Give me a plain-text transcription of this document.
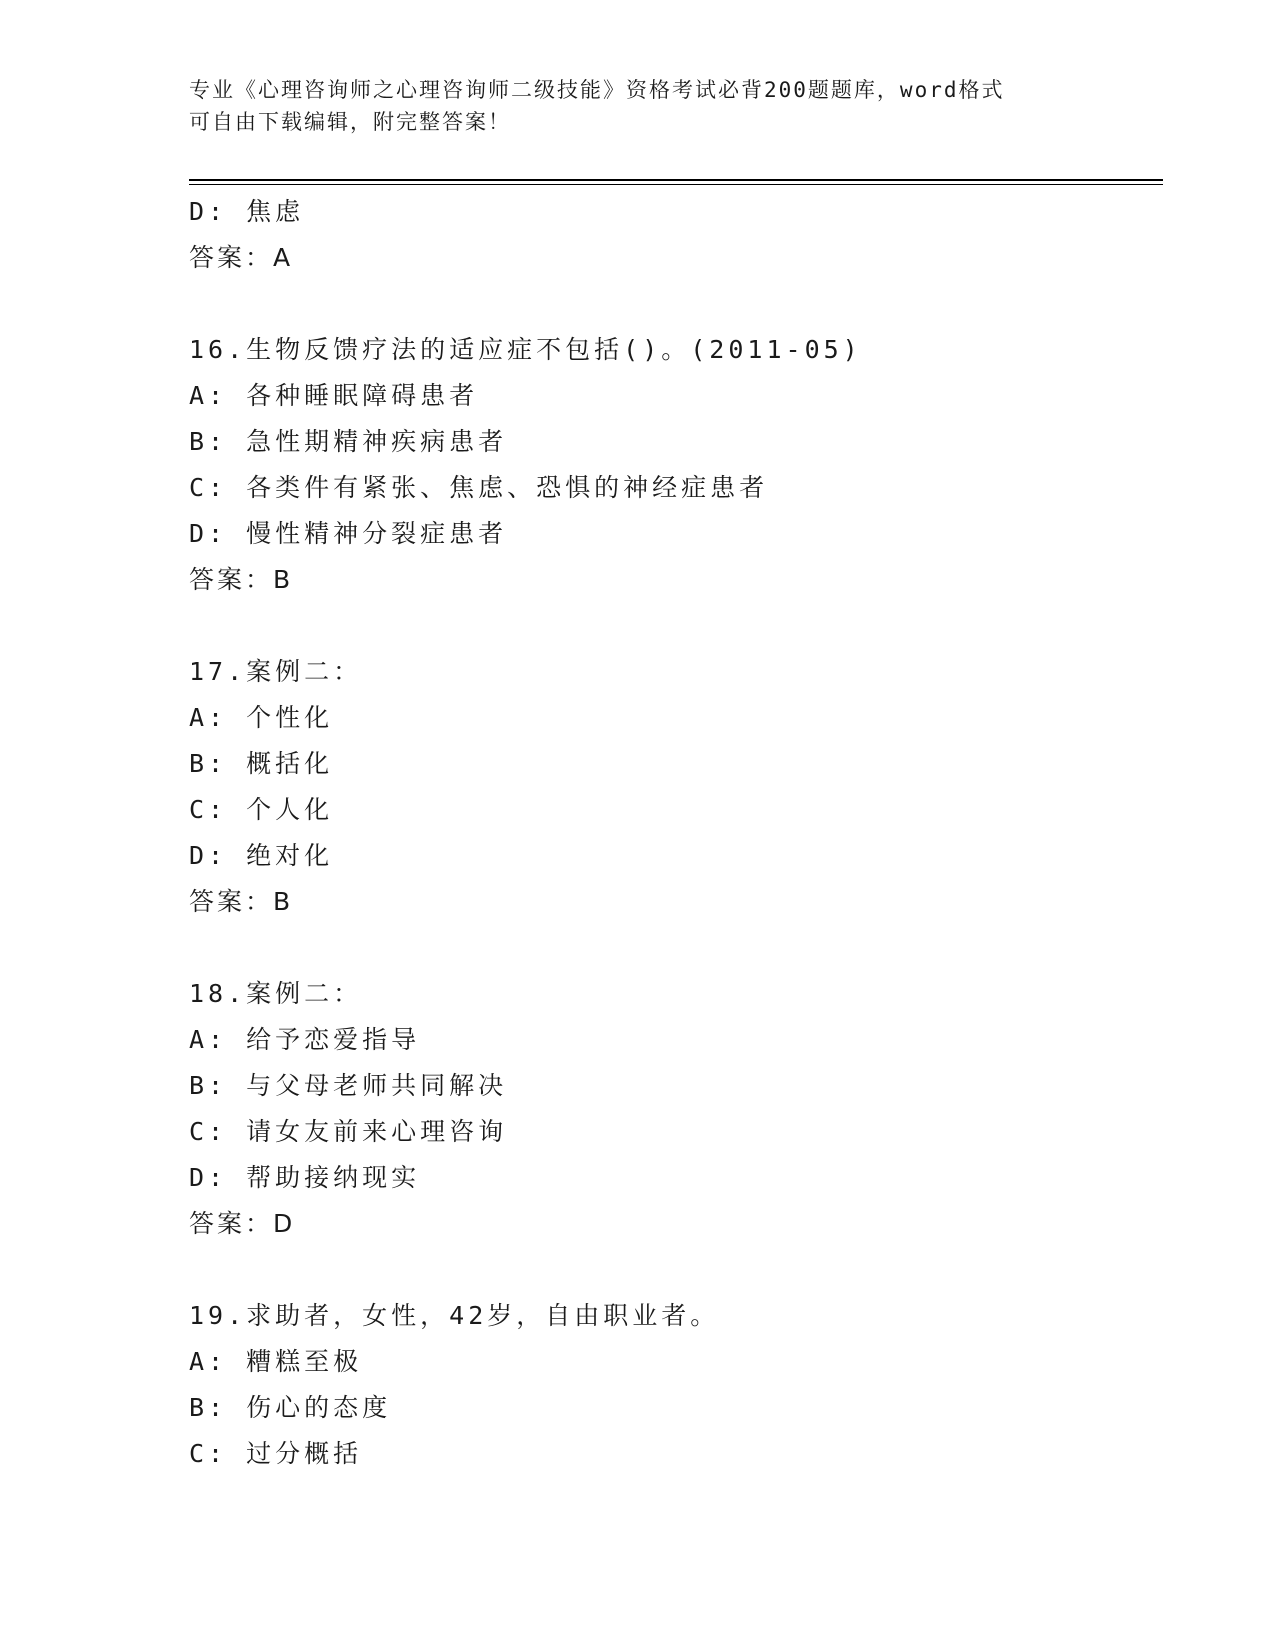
专业《心理咨询师之心理咨询师二级技能》资格考试必背200题题库，word格式
可自由下载编辑，附完整答案！
D: 焦虑
答案：A
16.生物反馈疗法的适应症不包括()。(2011-05)
A: 各种睡眠障碍患者
B: 急性期精神疾病患者
C: 各类件有紧张、焦虑、恐惧的神经症患者
D: 慢性精神分裂症患者
答案：B
17.案例二：
A: 个性化
B: 概括化
C: 个人化
D: 绝对化
答案：B
18.案例二：
A: 给予恋爱指导
B: 与父母老师共同解决
C: 请女友前来心理咨询
D: 帮助接纳现实
答案：D
19.求助者，女性，42岁，自由职业者。
A: 糟糕至极
B: 伤心的态度
C: 过分概括
